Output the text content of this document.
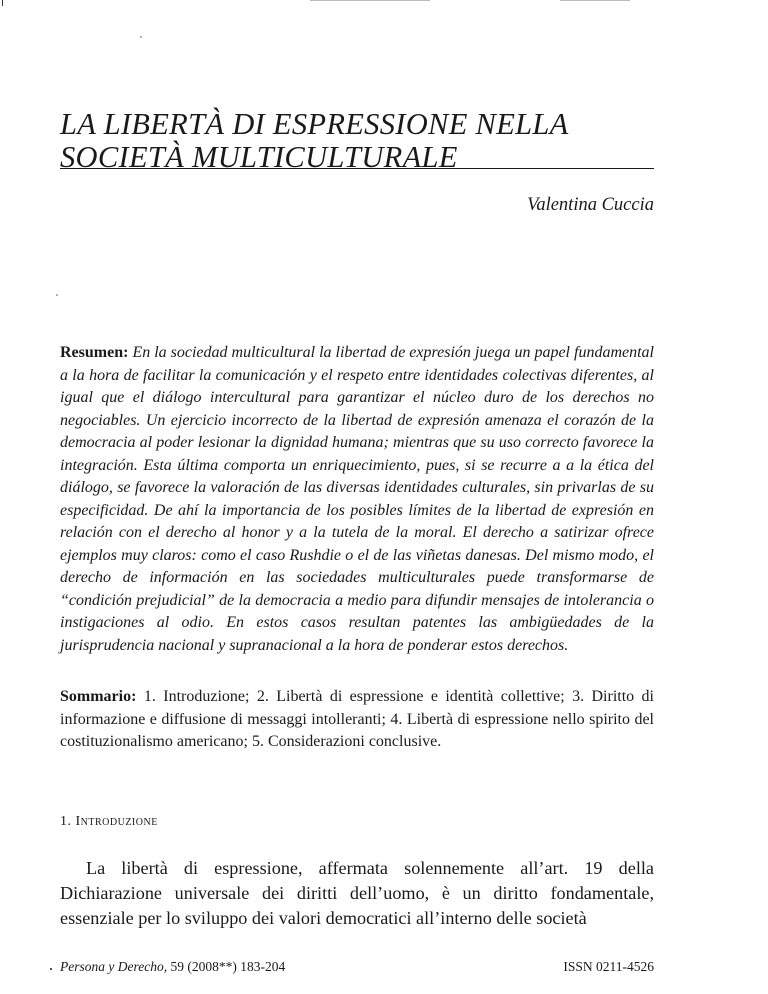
LA LIBERTÀ DI ESPRESSIONE NELLA
SOCIETÀ MULTICULTURALE
Valentina Cuccia
Resumen: En la sociedad multicultural la libertad de expresión juega un papel fundamental a la hora de facilitar la comunicación y el respeto entre identidades colectivas diferentes, al igual que el diálogo intercultural para garantizar el núcleo duro de los derechos no negociables. Un ejercicio incorrecto de la libertad de expresión amenaza el corazón de la democracia al poder lesionar la dignidad humana; mientras que su uso correcto favorece la integración. Esta última comporta un enriquecimiento, pues, si se recurre a a la ética del diálogo, se favorece la valoración de las diversas identidades culturales, sin privarlas de su especificidad. De ahí la importancia de los posibles límites de la libertad de expresión en relación con el derecho al honor y a la tutela de la moral. El derecho a satirizar ofrece ejemplos muy claros: como el caso Rushdie o el de las viñetas danesas. Del mismo modo, el derecho de información en las sociedades multiculturales puede transformarse de “condición prejudicial” de la democracia a medio para difundir mensajes de intolerancia o instigaciones al odio. En estos casos resultan patentes las ambigüedades de la jurisprudencia nacional y supranacional a la hora de ponderar estos derechos.
Sommario: 1. Introduzione; 2. Libertà di espressione e identità collettive; 3. Diritto di informazione e diffusione di messaggi intolleranti; 4. Libertà di espressione nello spirito del costituzionalismo americano; 5. Considerazioni conclusive.
1. Introduzione
La libertà di espressione, affermata solennemente all’art. 19 della Dichiarazione universale dei diritti dell’uomo, è un diritto fondamentale, essenziale per lo sviluppo dei valori democratici all’interno delle società
Persona y Derecho, 59 (2008**) 183-204	ISSN 0211-4526
